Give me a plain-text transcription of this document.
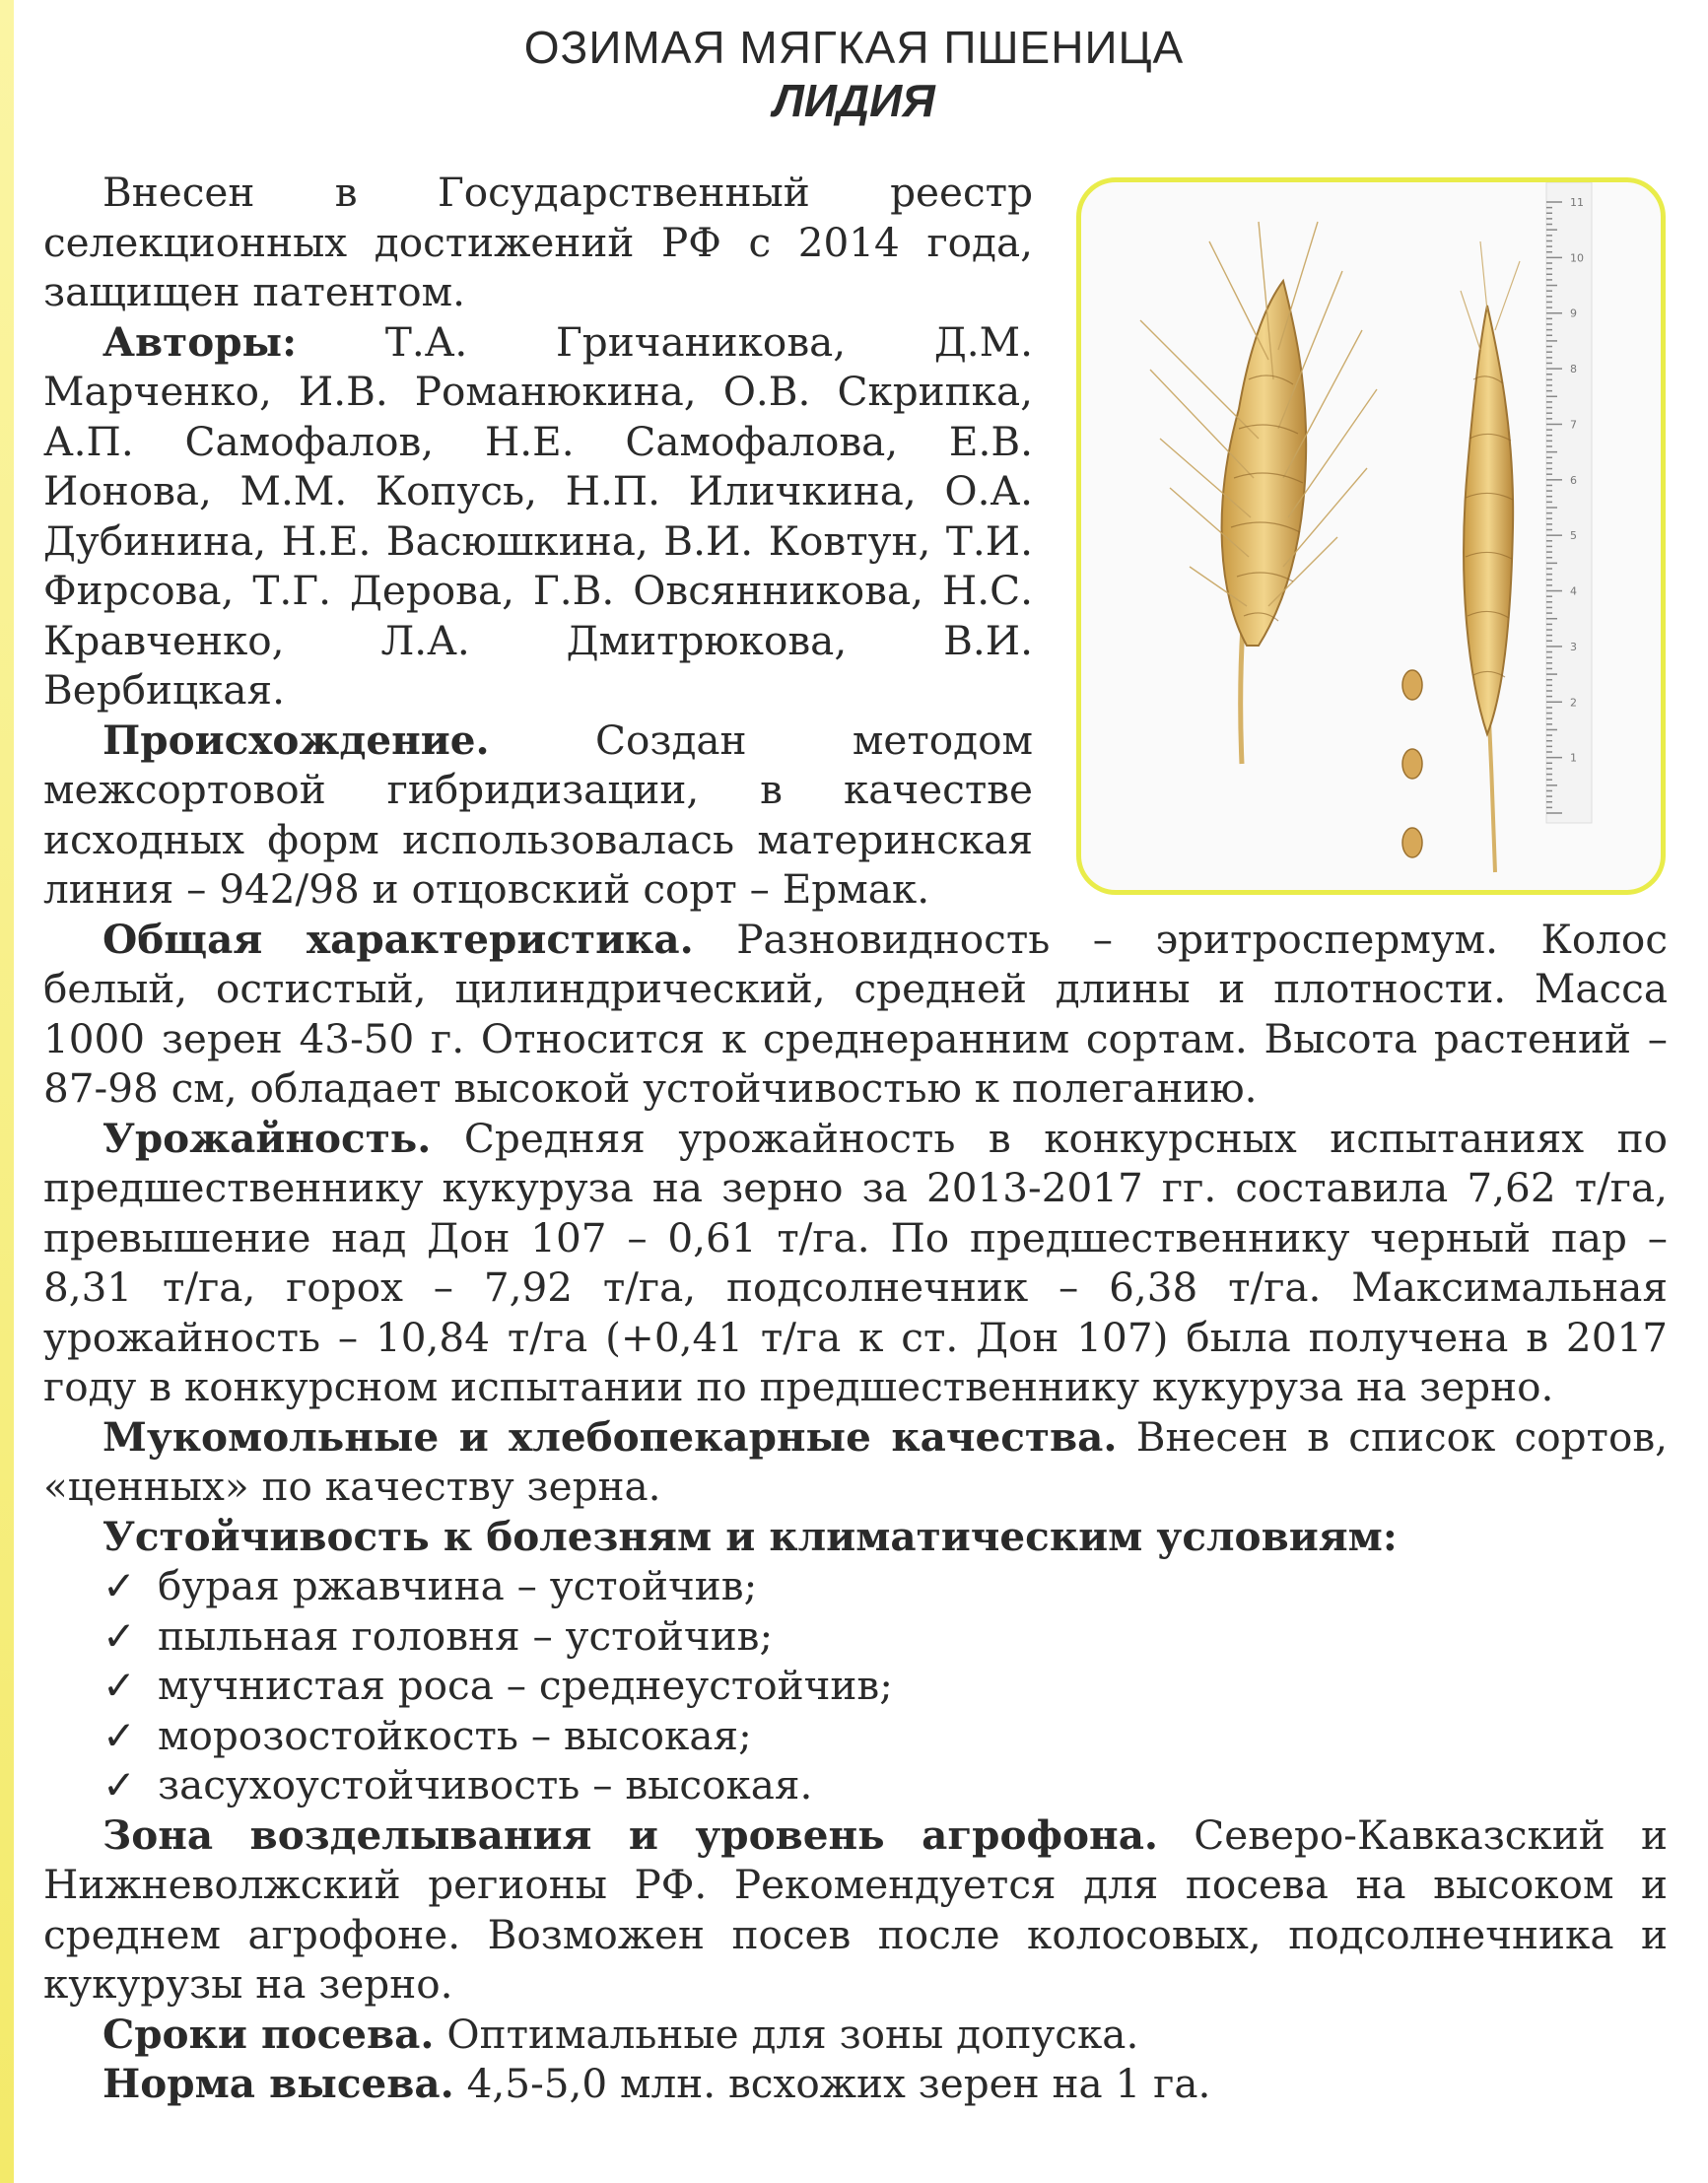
ОЗИМАЯ МЯГКАЯ ПШЕНИЦА
ЛИДИЯ
1
2
3
4
5
6
7
8
9
10
11

Внесен в Государственный реестр селекционных достижений РФ с 2014 года, защищен патентом.

Авторы: Т.А. Гричаникова, Д.М. Марченко, И.В. Романюкина, О.В. Скрипка, А.П. Самофалов, Н.Е. Самофалова, Е.В. Ионова, М.М. Копусь, Н.П. Иличкина, О.А. Дубинина, Н.Е. Васюшкина, В.И. Ковтун, Т.И. Фирсова, Т.Г. Дерова, Г.В. Овсянникова, Н.С. Кравченко, Л.А. Дмитрюкова, В.И. Вербицкая.

Происхождение.	Создан методом межсортовой гибридизации, в качестве исходных форм использовалась материнская линия – 942/98 и отцовский сорт – Ермак.

Общая характеристика. Разновидность – эритроспермум. Колос белый, остистый, цилиндрический, средней длины и плотности. Масса 1000 зерен 43-50 г. Относится к среднеранним сортам. Высота растений – 87-98 см, обладает высокой устойчивостью к полеганию.

Урожайность. Средняя урожайность в конкурсных испытаниях по предшественнику кукуруза на зерно за 2013-2017 гг. составила 7,62 т/га, превышение над Дон 107 – 0,61 т/га. По предшественнику черный пар – 8,31 т/га, горох – 7,92 т/га, подсолнечник – 6,38 т/га. Максимальная урожайность – 10,84 т/га (+0,41 т/га к ст. Дон 107) была получена в 2017 году в конкурсном испытании по предшественнику кукуруза на зерно.

Мукомольные и хлебопекарные качества. Внесен в список сортов, «ценных» по качеству зерна.

Устойчивость к болезням и климатическим условиям:

✓ бурая ржавчина – устойчив;
✓ пыльная головня – устойчив;
✓ мучнистая роса – среднеустойчив;
✓ морозостойкость – высокая;
✓ засухоустойчивость – высокая.

Зона возделывания и уровень агрофона. Северо-Кавказский и Нижневолжский регионы РФ. Рекомендуется для посева на высоком и среднем агрофоне. Возможен посев после колосовых, подсолнечника и кукурузы на зерно.

Сроки посева. Оптимальные для зоны допуска.

Норма высева. 4,5-5,0 млн. всхожих зерен на 1 га.
